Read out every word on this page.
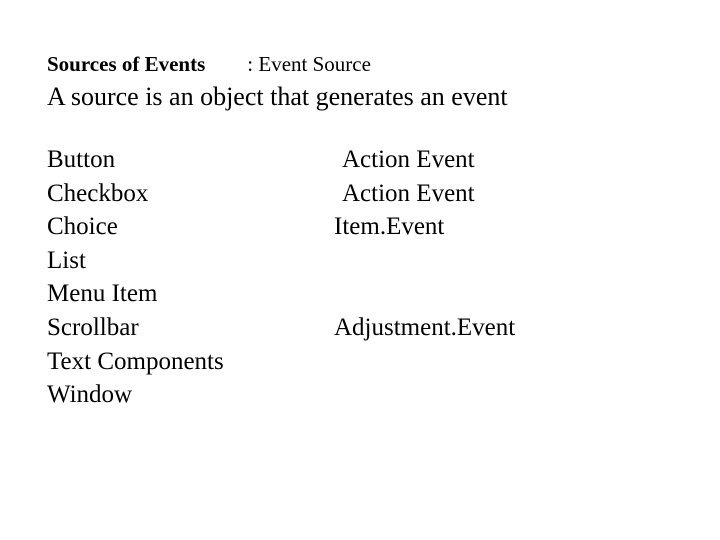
Sources of Events : Event Source
A source is an object that generates an event
Button
Checkbox
Choice
List
Menu Item
Scrollbar
Text Components
Window
Action Event
Action Event
Item.Event
Adjustment.Event
